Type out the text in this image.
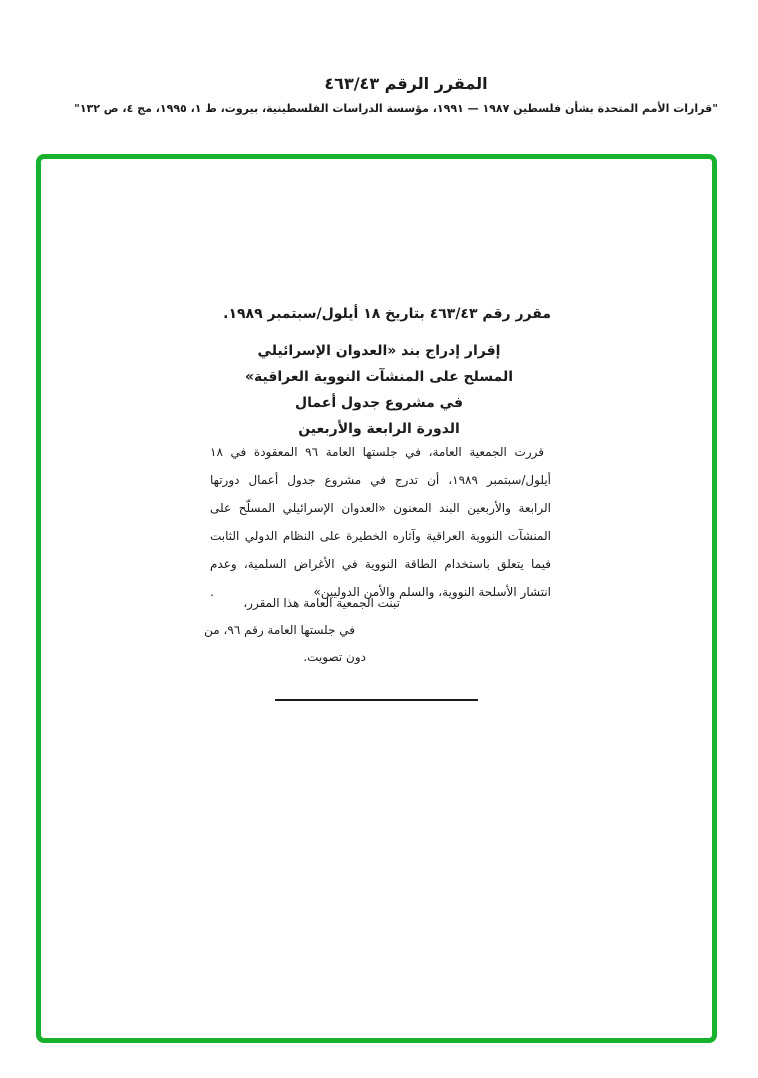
المقرر الرقم ٤٦٣/٤٣
"قرارات الأمم المتحدة بشأن فلسطين ١٩٨٧ — ١٩٩١، مؤسسة الدراسات الفلسطينية، بيروت، ط ١، ١٩٩٥، مج ٤، ص ١٣٢"
مقرر رقم ٤٦٣/٤٣ بتاريخ ١٨ أيلول/سبتمبر ١٩٨٩.
إقرار إدراج بند «العدوان الإسرائيلي
المسلح على المنشآت النووية العراقية»
في مشروع جدول أعمال
الدورة الرابعة والأربعين
قررت الجمعية العامة، في جلستها العامة ٩٦ المعقودة في ١٨
أيلول/سبتمبر ١٩٨٩، أن تدرج في مشروع جدول أعمال دورتها
الرابعة والأربعين البند المعنون «العدوان الإسرائيلي المسلّح على
المنشآت النووية العراقية وآثاره الخطيرة على النظام الدولي الثابت
فيما يتعلق باستخدام الطاقة النووية في الأغراض السلمية، وعدم
انتشار الأسلحة النووية، والسلم والأمن الدوليين»
.
تبنت الجمعية العامة هذا المقرر،
في جلستها العامة رقم ٩٦، من
دون تصويت.
